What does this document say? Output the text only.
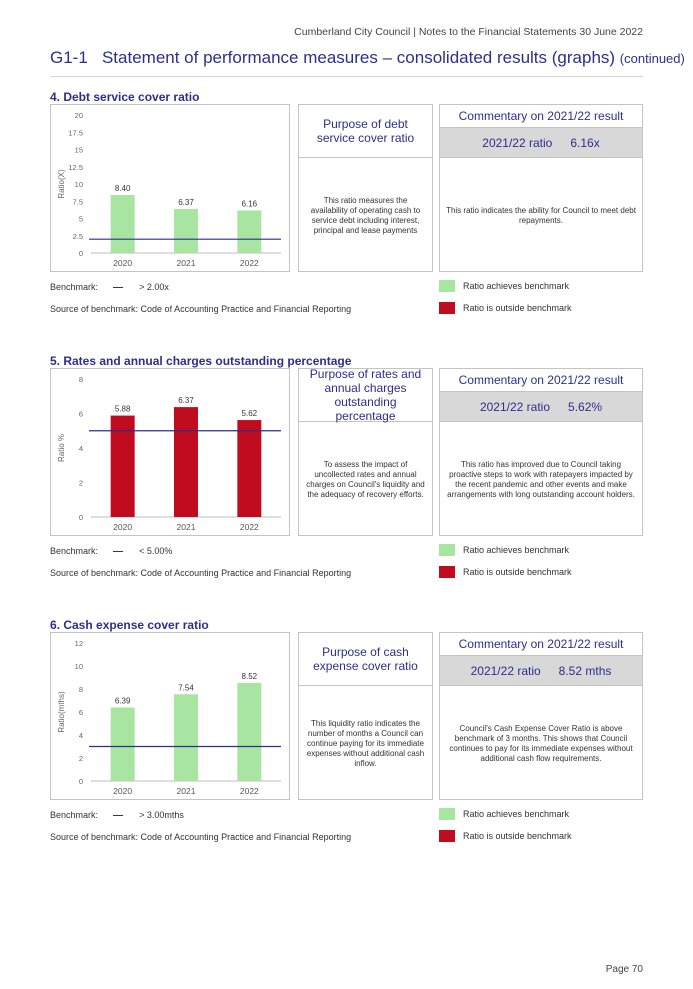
Cumberland City Council | Notes to the Financial Statements 30 June 2022
G1-1 Statement of performance measures – consolidated results (graphs) (continued)
4. Debt service cover ratio
0
2.5
5
7.5
10
12.5
15
17.5
20
Ratio(X)	8.40
2020
6.37
2021
6.16
2022
Purpose of debt service cover ratio
This ratio measures the availability of operating cash to service debt including interest, principal and lease payments
Commentary on 2021/22 result
2021/22 ratio 6.16x
This ratio indicates the ability for Council to meet debt repayments.
Benchmark:	> 2.00x
Source of benchmark: Code of Accounting Practice and Financial Reporting
Ratio achieves benchmark
Ratio is outside benchmark
5. Rates and annual charges outstanding percentage
0
2
4
6
8
Ratio %
5.88
2020
6.37
2021
5.62
2022
Purpose of rates and annual charges outstanding percentage
To assess the impact of uncollected rates and annual charges on Council's liquidity and the adequacy of recovery efforts.
Commentary on 2021/22 result
2021/22 ratio 5.62%
This ratio has improved due to Council taking proactive steps to work with ratepayers impacted by the recent pandemic and other events and make arrangements with long outstanding account holders.
Benchmark:	< 5.00%
Source of benchmark: Code of Accounting Practice and Financial Reporting
Ratio achieves benchmark
Ratio is outside benchmark
6. Cash expense cover ratio
0
2
4
6
8
10
12
Ratio(mths)	6.39
2020
7.54
2021
8.52
2022
Purpose of cash expense cover ratio
This liquidity ratio indicates the number of months a Council can continue paying for its immediate expenses without additional cash inflow.
Commentary on 2021/22 result
2021/22 ratio 8.52 mths
Council's Cash Expense Cover Ratio is above benchmark of 3 months. This shows that Council continues to pay for its immediate expenses without additional cash flow requirements.
Benchmark:	> 3.00mths
Source of benchmark: Code of Accounting Practice and Financial Reporting
Ratio achieves benchmark
Ratio is outside benchmark
Page 70
